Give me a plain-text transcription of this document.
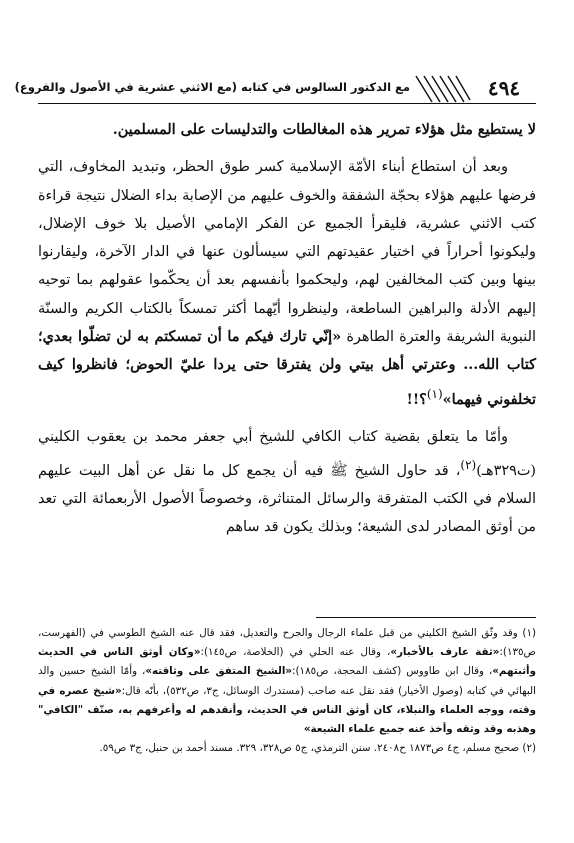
٤٩٤
مع الدكتور السالوس في كتابه (مع الاثني عشرية في الأصول والفروع)

لا يستطيع مثل هؤلاء تمرير هذه المغالطات والتدليسات على المسلمين.

وبعد أن استطاع أبناء الأمّة الإسلامية كسر طوق الحظر، وتبديد المخاوف، التي فرضها عليهم هؤلاء بحجّة الشفقة والخوف عليهم من الإصابة بداء الضلال نتيجة قراءة كتب الاثني عشرية، فليقرأ الجميع عن الفكر الإمامي الأصيل بلا خوف الإضلال، وليكونوا أحراراً في اختيار عقيدتهم التي سيسألون عنها في الدار الآخرة، وليقارنوا بينها وبين كتب المخالفين لهم، وليحكموا بأنفسهم بعد أن يحكّموا عقولهم بما توحيه إليهم الأدلة والبراهين الساطعة، ولينظروا أيّهما أكثر تمسكاً بالكتاب الكريم والسنّة النبوية الشريفة والعترة الطاهرة «إنّي تارك فيكم ما أن تمسكتم به لن تضلّوا بعدي؛ كتاب الله... وعترتي أهل بيتي ولن يفترقا حتى يردا عليّ الحوض؛ فانظروا كيف تخلفوني فيهما»$^{(١)}$؟!!

وأمّا ما يتعلق بقضية كتاب الكافي للشيخ أبي جعفر محمد بن يعقوب الكليني (ت٣٢٩هـ)$^{(٢)}$، قد حاول الشيخ ﷺ فيه أن يجمع كل ما نقل عن أهل البيت عليهم السلام في الكتب المتفرقة والرسائل المتناثرة، وخصوصاً الأصول الأربعمائة التي تعد من أوثق المصادر لدى الشيعة؛ وبذلك يكون قد ساهم

(١) وقد وثّق الشيخ الكليني من قبل علماء الرجال والجرح والتعديل، فقد قال عنه الشيخ الطوسي في (الفهرست، ص١٣٥):«ثقة عارف بالأخبار»، وقال عنه الحلي في (الخلاصة، ص١٤٥):«وكان أوثق الناس في الحديث وأثبتهم»، وقال ابن طاووس (كشف المحجة، ص١٨٥):«الشيخ المتفق على وثاقته»، وأمّا الشيخ حسين والد البهائي في كتابه (وصول الأخيار) فقد نقل عنه صاحب (مستدرك الوسائل، ج٣، ص٥٣٢)، بأنّه قال:«شيخ عصره في وقته، ووجه العلماء والنبلاء، كان أوثق الناس في الحديث، وأنقدهم له وأعرفهم به، صنّف "الكافي" وهذبه وقد وثقه وأخذ عنه جميع علماء الشيعة»

(٢) صحيح مسلم، ج٤ ص١٨٧٣ ح٢٤٠٨. سنن الترمذي، ج٥ ص٣٢٨، ٣٢٩. مسند أحمد بن حنبل، ج٣ ص٥٩.
